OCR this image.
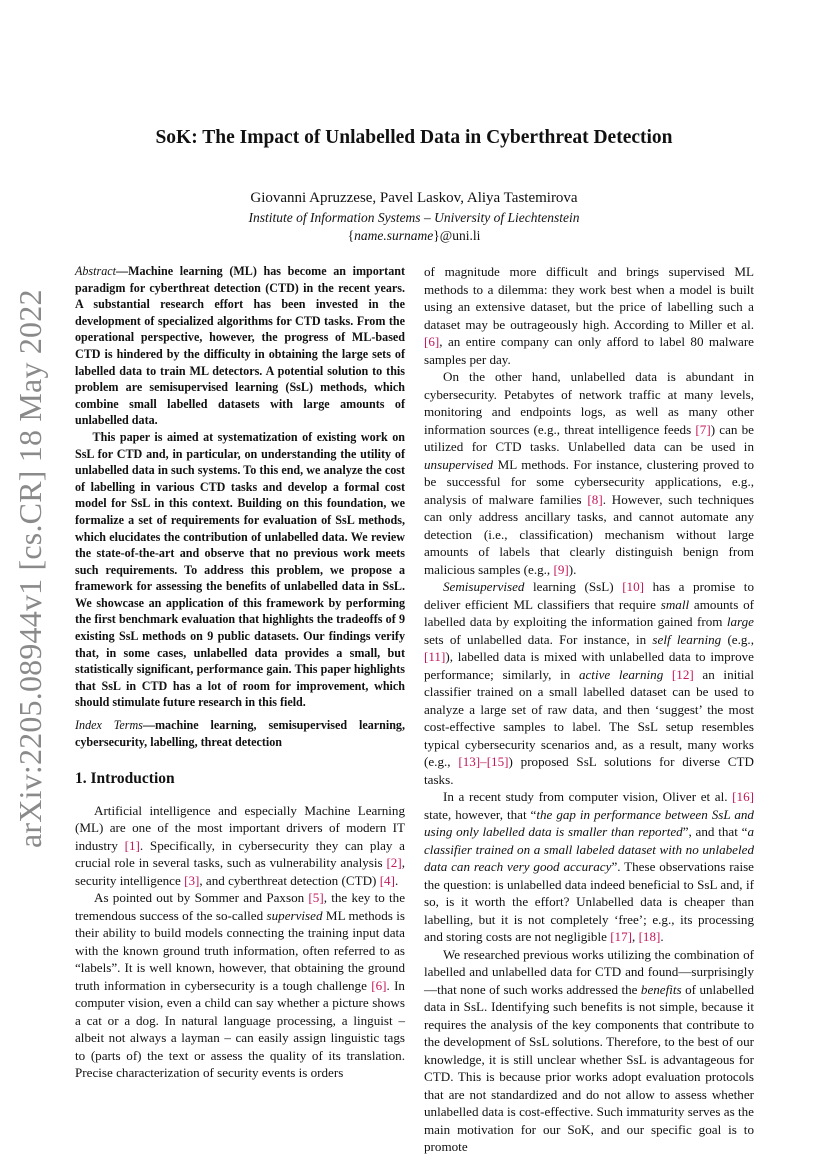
arXiv:2205.08944v1 [cs.CR] 18 May 2022
SoK: The Impact of Unlabelled Data in Cyberthreat Detection
Giovanni Apruzzese, Pavel Laskov, Aliya Tastemirova
Institute of Information Systems – University of Liechtenstein
{name.surname}@uni.li

Abstract—Machine learning (ML) has become an important paradigm for cyberthreat detection (CTD) in the recent years. A substantial research effort has been invested in the development of specialized algorithms for CTD tasks. From the operational perspective, however, the progress of ML-based CTD is hindered by the difficulty in obtaining the large sets of labelled data to train ML detectors. A potential solution to this problem are semisupervised learning (SsL) methods, which combine small labelled datasets with large amounts of unlabelled data.

This paper is aimed at systematization of existing work on SsL for CTD and, in particular, on understanding the utility of unlabelled data in such systems. To this end, we analyze the cost of labelling in various CTD tasks and develop a formal cost model for SsL in this context. Building on this foundation, we formalize a set of requirements for evaluation of SsL methods, which elucidates the contribution of unlabelled data. We review the state-of-the-art and observe that no previous work meets such requirements. To address this problem, we propose a framework for assessing the benefits of unlabelled data in SsL. We showcase an application of this framework by performing the first benchmark evaluation that highlights the tradeoffs of 9 existing SsL methods on 9 public datasets. Our findings verify that, in some cases, unlabelled data provides a small, but statistically significant, performance gain. This paper highlights that SsL in CTD has a lot of room for improvement, which should stimulate future research in this field.

Index Terms—machine learning, semisupervised learning, cybersecurity, labelling, threat detection

1. Introduction

Artificial intelligence and especially Machine Learning (ML) are one of the most important drivers of modern IT industry [1]. Specifically, in cybersecurity they can play a crucial role in several tasks, such as vulnerability analysis [2], security intelligence [3], and cyberthreat detection (CTD) [4].

As pointed out by Sommer and Paxson [5], the key to the tremendous success of the so-called supervised ML methods is their ability to build models connecting the training input data with the known ground truth information, often referred to as “labels”. It is well known, however, that obtaining the ground truth information in cybersecurity is a tough challenge [6]. In computer vision, even a child can say whether a picture shows a cat or a dog. In natural language processing, a linguist – albeit not always a layman – can easily assign linguistic tags to (parts of) the text or assess the quality of its translation. Precise characterization of security events is orders

of magnitude more difficult and brings supervised ML methods to a dilemma: they work best when a model is built using an extensive dataset, but the price of labelling such a dataset may be outrageously high. According to Miller et al. [6], an entire company can only afford to label 80 malware samples per day.

On the other hand, unlabelled data is abundant in cybersecurity. Petabytes of network traffic at many levels, monitoring and endpoints logs, as well as many other information sources (e.g., threat intelligence feeds [7]) can be utilized for CTD tasks. Unlabelled data can be used in unsupervised ML methods. For instance, clustering proved to be successful for some cybersecurity applications, e.g., analysis of malware families [8]. However, such techniques can only address ancillary tasks, and cannot automate any detection (i.e., classification) mechanism without large amounts of labels that clearly distinguish benign from malicious samples (e.g., [9]).

Semisupervised learning (SsL) [10] has a promise to deliver efficient ML classifiers that require small amounts of labelled data by exploiting the information gained from large sets of unlabelled data. For instance, in self learning (e.g., [11]), labelled data is mixed with unlabelled data to improve performance; similarly, in active learning [12] an initial classifier trained on a small labelled dataset can be used to analyze a large set of raw data, and then ‘suggest’ the most cost-effective samples to label. The SsL setup resembles typical cybersecurity scenarios and, as a result, many works (e.g., [13]–[15]) proposed SsL solutions for diverse CTD tasks.

In a recent study from computer vision, Oliver et al. [16] state, however, that “the gap in performance between SsL and using only labelled data is smaller than reported”, and that “a classifier trained on a small labeled dataset with no unlabeled data can reach very good accuracy”. These observations raise the question: is unlabelled data indeed beneficial to SsL and, if so, is it worth the effort? Unlabelled data is cheaper than labelling, but it is not completely ‘free’; e.g., its processing and storing costs are not negligible [17], [18].

We researched previous works utilizing the combination of labelled and unlabelled data for CTD and found—surprisingly—that none of such works addressed the benefits of unlabelled data in SsL. Identifying such benefits is not simple, because it requires the analysis of the key components that contribute to the development of SsL solutions. Therefore, to the best of our knowledge, it is still unclear whether SsL is advantageous for CTD. This is because prior works adopt evaluation protocols that are not standardized and do not allow to assess whether unlabelled data is cost-effective. Such immaturity serves as the main motivation for our SoK, and our specific goal is to promote
